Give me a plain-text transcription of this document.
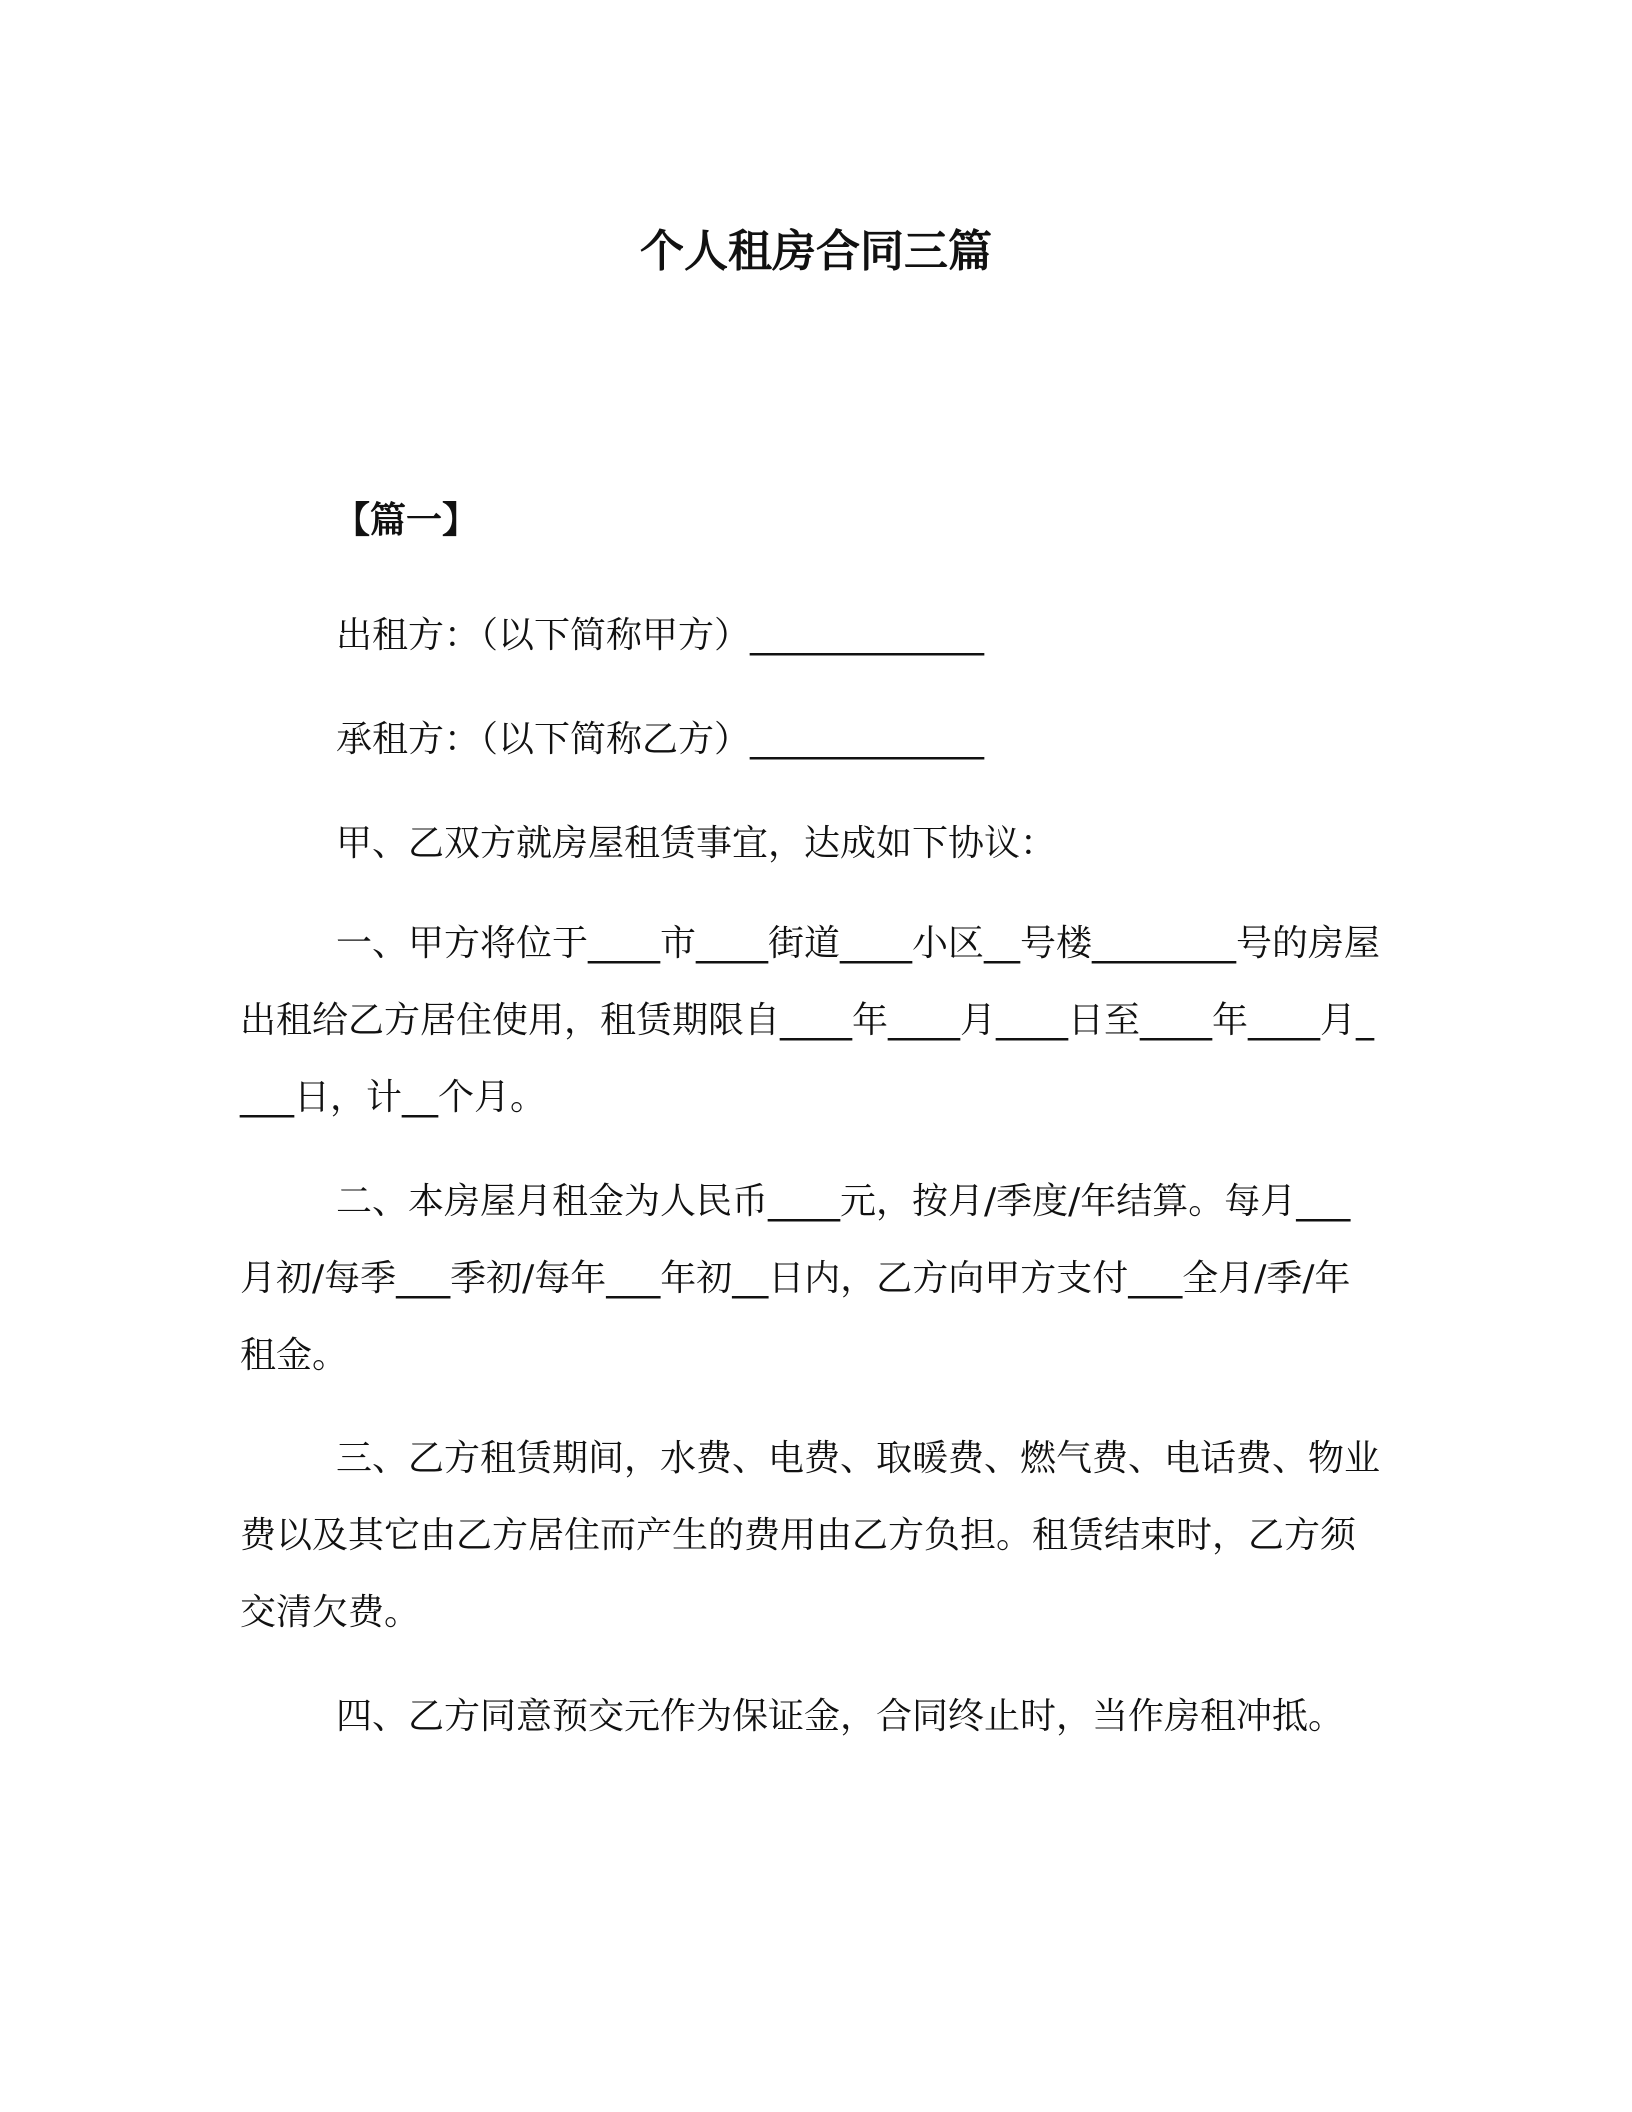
个人租房合同三篇

【篇一】

出租方：（以下简称甲方）_____________

承租方：（以下简称乙方）_____________

甲、乙双方就房屋租赁事宜，达成如下协议：

一、甲方将位于____市____街道____小区__号楼________号的房屋出租给乙方居住使用，租赁期限自____年____月____日至____年____月____日，计__个月。

二、本房屋月租金为人民币____元，按月/季度/年结算。每月___月初/每季___季初/每年___年初__日内，乙方向甲方支付___全月/季/年租金。

三、乙方租赁期间，水费、电费、取暖费、燃气费、电话费、物业费以及其它由乙方居住而产生的费用由乙方负担。租赁结束时，乙方须交清欠费。

四、乙方同意预交元作为保证金，合同终止时，当作房租冲抵。
